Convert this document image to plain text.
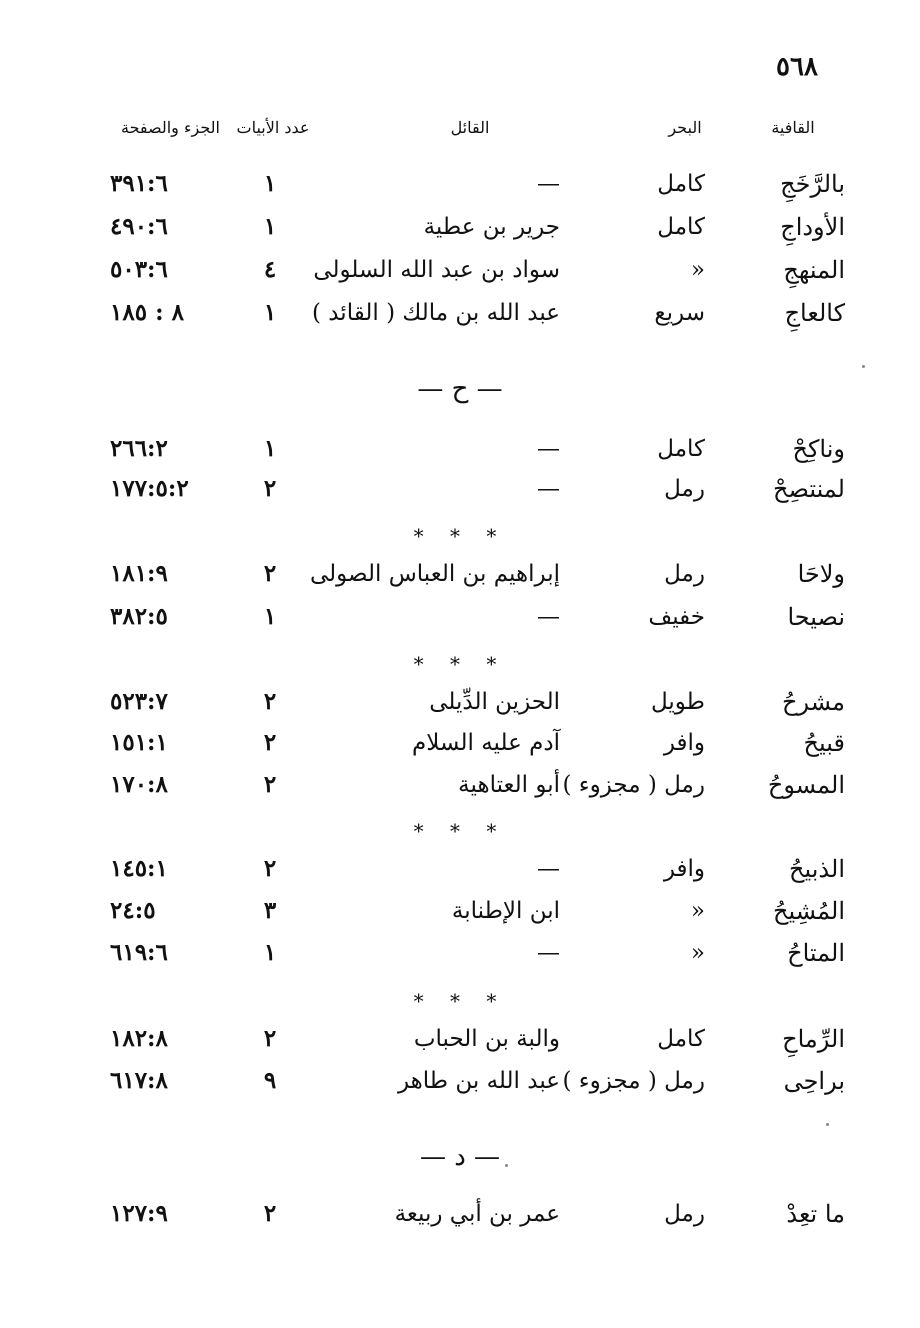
٥٦٨
القافية
البحر
القائل
عدد الأبيات
الجزء والصفحة
بالرَّخَجِ
كامل
—
١
٣٩١:٦
الأوداجِ
كامل
جرير بن عطية
١
٤٩٠:٦
المنهجِ
«
سواد بن عبد الله السلولى
٤
٥٠٣:٦
كالعاجِ
سريع
عبد الله بن مالك ( القائد )
١
٨ : ١٨٥
— ح —
وناكِحْ
كامل
—
١
٢٦٦:٢
لمنتصِحْ
رمل
—
٢
١٧٧:٥:٢
* * *
ولاحَا
رمل
إبراهيم بن العباس الصولى
٢
١٨١:٩
نصيحا
خفيف
—
١
٣٨٢:٥
* * *
مشرحُ
طويل
الحزين الدِّيلى
٢
٥٢٣:٧
قبيحُ
وافر
آدم عليه السلام
٢
١٥١:١
المسوحُ
رمل ( مجزوء )
أبو العتاهية
٢
١٧٠:٨
* * *
الذبيحُ
وافر
—
٢
١٤٥:١
المُشِيحُ
«
ابن الإطنابة
٣
٢٤:٥
المتاحُ
«
—
١
٦١٩:٦
* * *
الرِّماحِ
كامل
والبة بن الحباب
٢
١٨٢:٨
براحِى
رمل ( مجزوء )
عبد الله بن طاهر
٩
٦١٧:٨
— د —
ما تعِدْ
رمل
عمر بن أبي ربيعة
٢
١٢٧:٩
